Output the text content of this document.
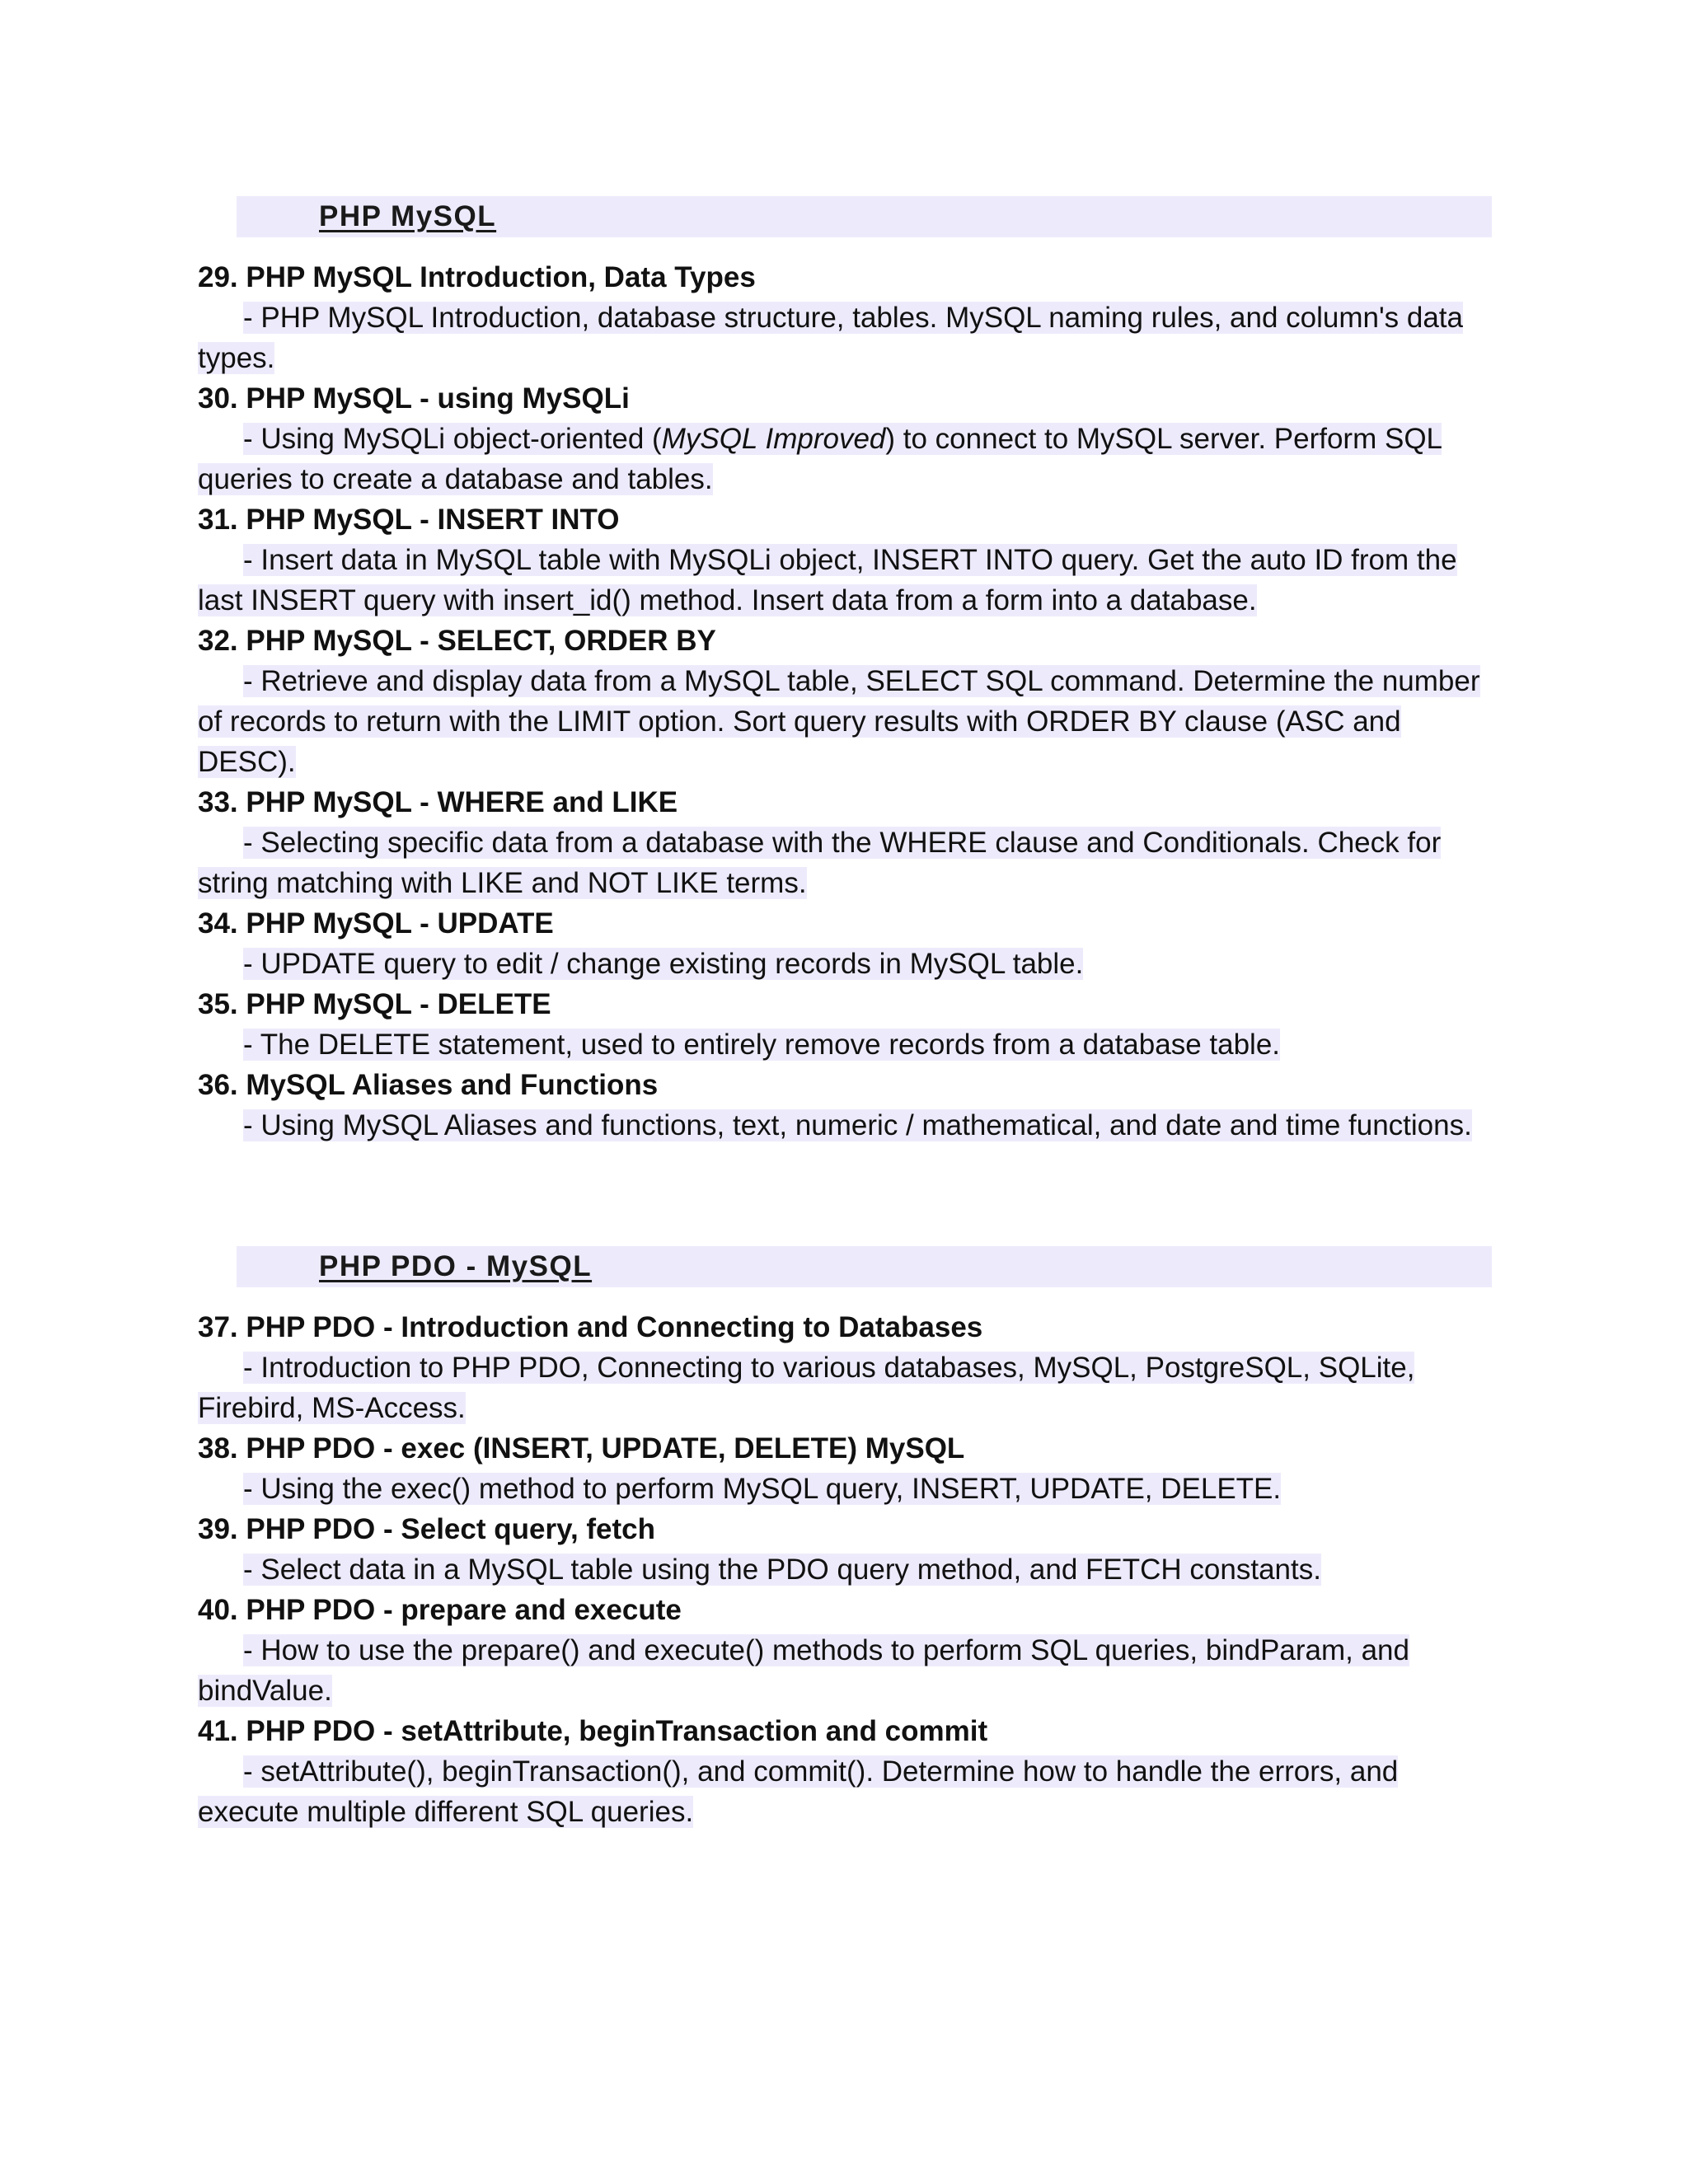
PHP MySQL
29. PHP MySQL Introduction, Data Types

- PHP MySQL Introduction, database structure, tables. MySQL naming rules, and column's data types.

30. PHP MySQL - using MySQLi

- Using MySQLi object-oriented (MySQL Improved) to connect to MySQL server. Perform SQL queries to create a database and tables.

31. PHP MySQL - INSERT INTO

- Insert data in MySQL table with MySQLi object, INSERT INTO query. Get the auto ID from the last INSERT query with insert_id() method. Insert data from a form into a database.

32. PHP MySQL - SELECT, ORDER BY

- Retrieve and display data from a MySQL table, SELECT SQL command. Determine the number of records to return with the LIMIT option. Sort query results with ORDER BY clause (ASC and DESC).

33. PHP MySQL - WHERE and LIKE

- Selecting specific data from a database with the WHERE clause and Conditionals. Check for string matching with LIKE and NOT LIKE terms.

34. PHP MySQL - UPDATE

- UPDATE query to edit / change existing records in MySQL table.

35. PHP MySQL - DELETE

- The DELETE statement, used to entirely remove records from a database table.

36. MySQL Aliases and Functions

- Using MySQL Aliases and functions, text, numeric / mathematical, and date and time functions.

PHP PDO - MySQL
37. PHP PDO - Introduction and Connecting to Databases

- Introduction to PHP PDO, Connecting to various databases, MySQL, PostgreSQL, SQLite, Firebird, MS-Access.

38. PHP PDO - exec (INSERT, UPDATE, DELETE) MySQL

- Using the exec() method to perform MySQL query, INSERT, UPDATE, DELETE.

39. PHP PDO - Select query, fetch

- Select data in a MySQL table using the PDO query method, and FETCH constants.

40. PHP PDO - prepare and execute

- How to use the prepare() and execute() methods to perform SQL queries, bindParam, and bindValue.

41. PHP PDO - setAttribute, beginTransaction and commit

- setAttribute(), beginTransaction(), and commit(). Determine how to handle the errors, and execute multiple different SQL queries.
